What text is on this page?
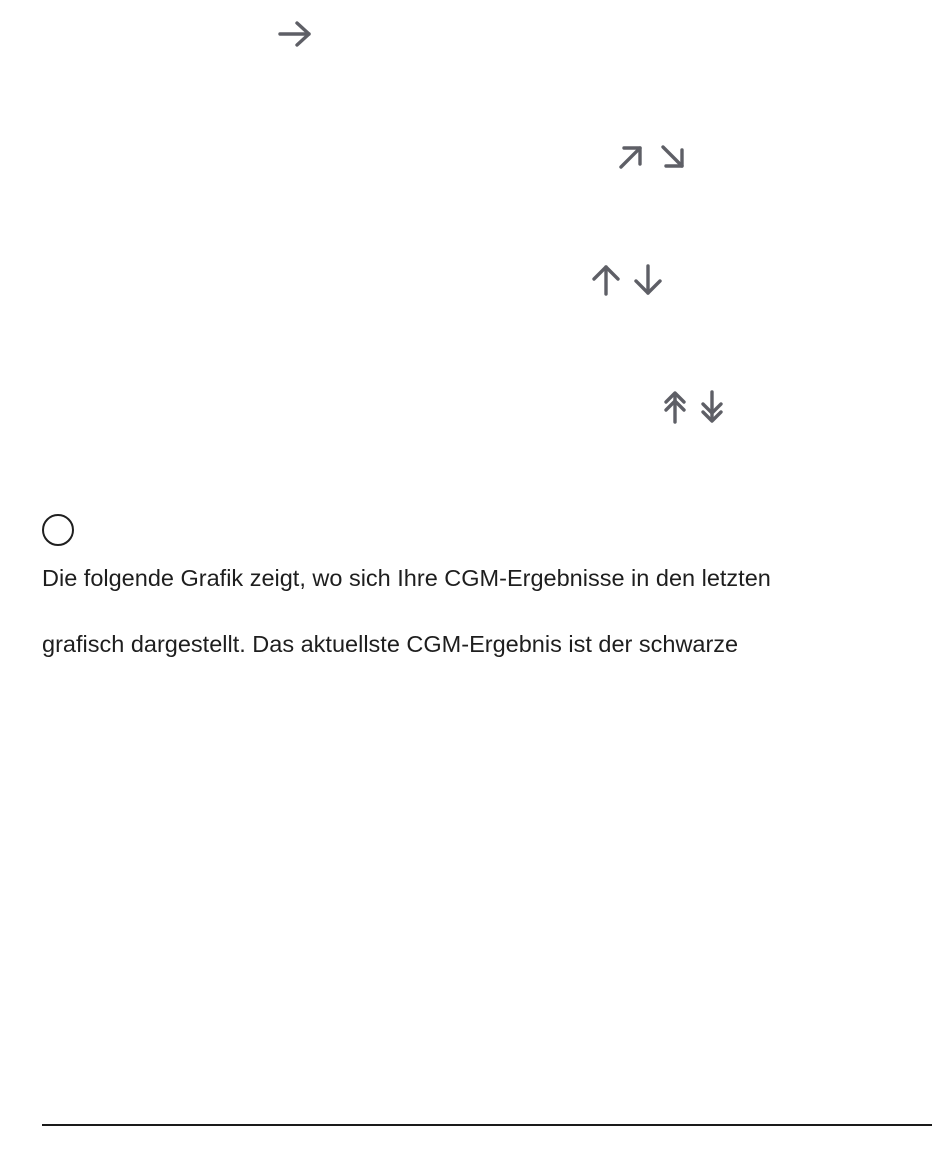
Die folgende Grafik zeigt, wo sich Ihre CGM-Ergebnisse in den letzten
grafisch dargestellt. Das aktuellste CGM-Ergebnis ist der schwarze
